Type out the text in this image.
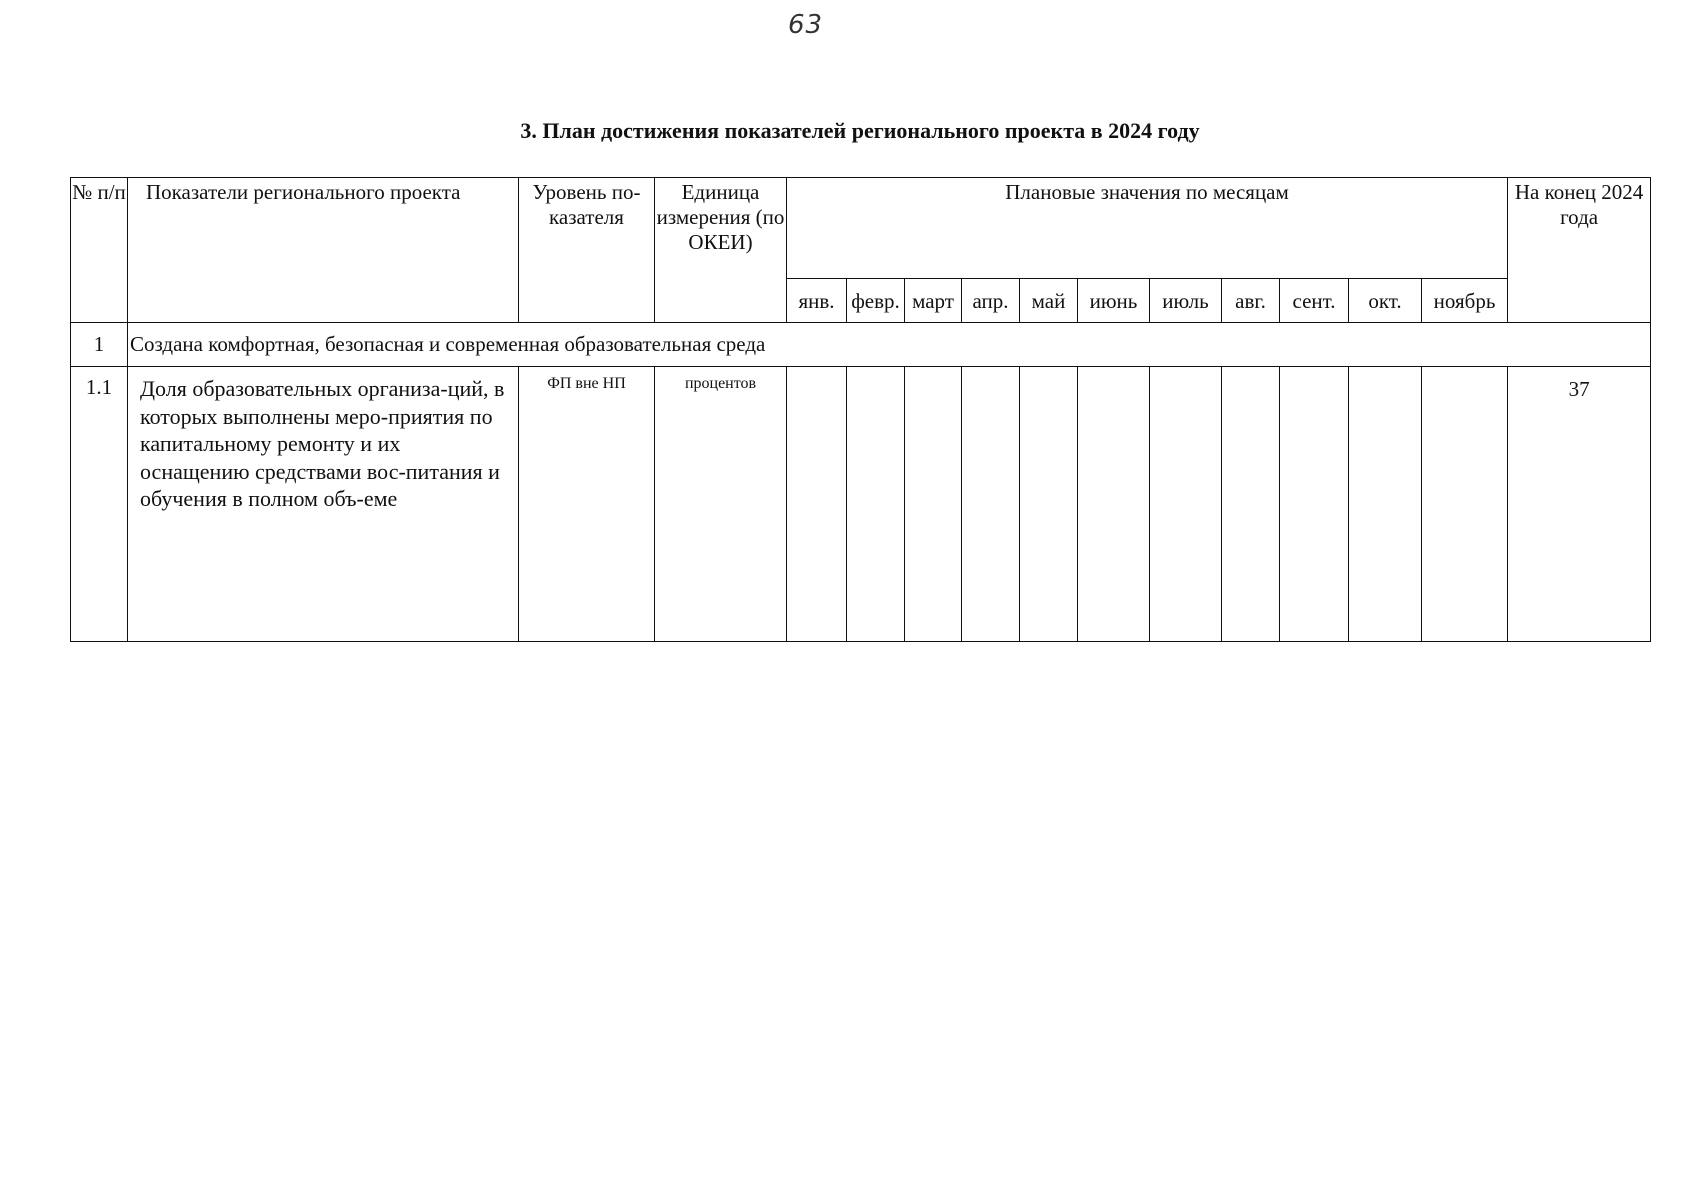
63
3. План достижения показателей регионального проекта в 2024 году
№ п/п	Показатели регионального проекта	Уровень по-казателя	Единица измерения (по ОКЕИ)	Плановые значения по месяцам											На конец 2024 года
				янв.	февр.	март	апр.	май	июнь	июль	авг.	сент.	окт.	ноябрь	
1	Создана комфортная, безопасная и современная образовательная среда														
1.1	Доля образовательных организа-ций, в которых выполнены меро-приятия по капитальному ремонту и их оснащению средствами вос-питания и обучения в полном объ-еме	ФП вне НП	процентов												37
